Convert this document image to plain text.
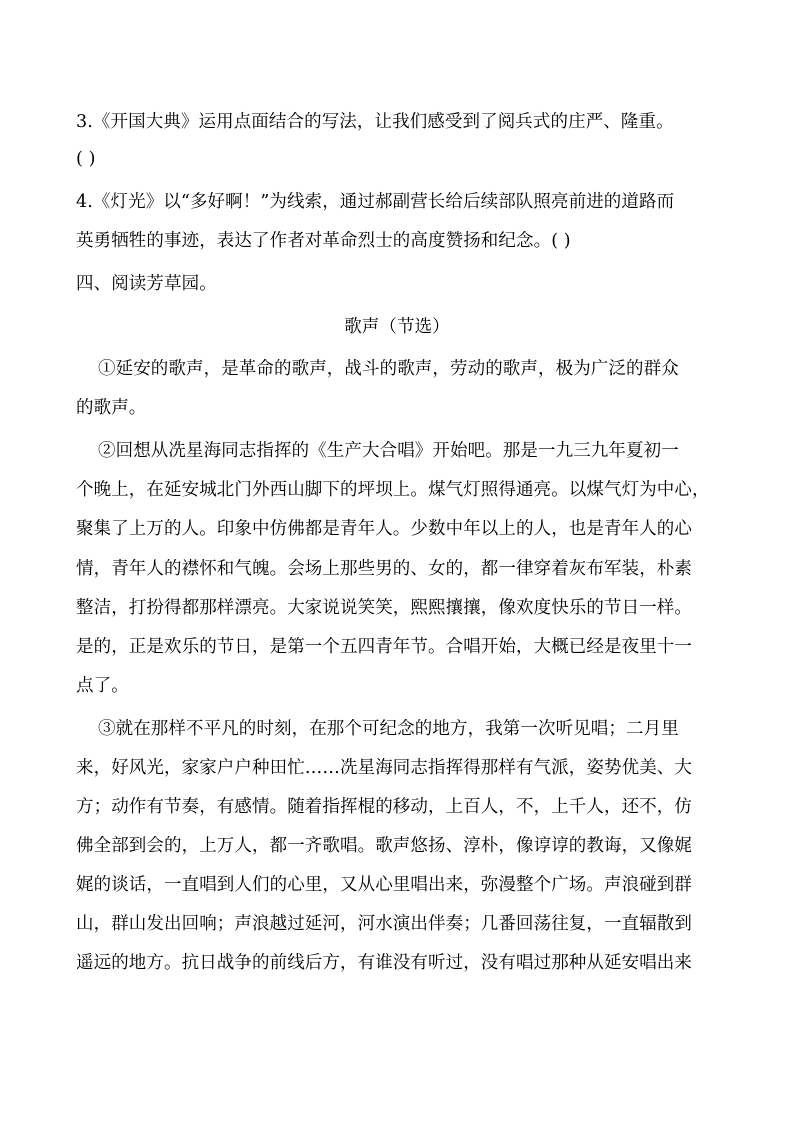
3.《开国大典》运用点面结合的写法，让我们感受到了阅兵式的庄严、隆重。
( )
4.《灯光》以“多好啊！”为线索，通过郝副营长给后续部队照亮前进的道路而
英勇牺牲的事迹，表达了作者对革命烈士的高度赞扬和纪念。( )
四、阅读芳草园。
歌声（节选）
①延安的歌声，是革命的歌声，战斗的歌声，劳动的歌声，极为广泛的群众
的歌声。
②回想从冼星海同志指挥的《生产大合唱》开始吧。那是一九三九年夏初一
个晚上，在延安城北门外西山脚下的坪坝上。煤气灯照得通亮。以煤气灯为中心，
聚集了上万的人。印象中仿佛都是青年人。少数中年以上的人，也是青年人的心
情，青年人的襟怀和气魄。会场上那些男的、女的，都一律穿着灰布军装，朴素
整洁，打扮得都那样漂亮。大家说说笑笑，熙熙攘攘，像欢度快乐的节日一样。
是的，正是欢乐的节日，是第一个五四青年节。合唱开始，大概已经是夜里十一
点了。
③就在那样不平凡的时刻，在那个可纪念的地方，我第一次听见唱；二月里
来，好风光，家家户户种田忙……冼星海同志指挥得那样有气派，姿势优美、大
方；动作有节奏，有感情。随着指挥棍的移动，上百人，不，上千人，还不，仿
佛全部到会的，上万人，都一齐歌唱。歌声悠扬、淳朴，像谆谆的教诲，又像娓
娓的谈话，一直唱到人们的心里，又从心里唱出来，弥漫整个广场。声浪碰到群
山，群山发出回响；声浪越过延河，河水演出伴奏；几番回荡往复，一直辐散到
遥远的地方。抗日战争的前线后方，有谁没有听过，没有唱过那种从延安唱出来
